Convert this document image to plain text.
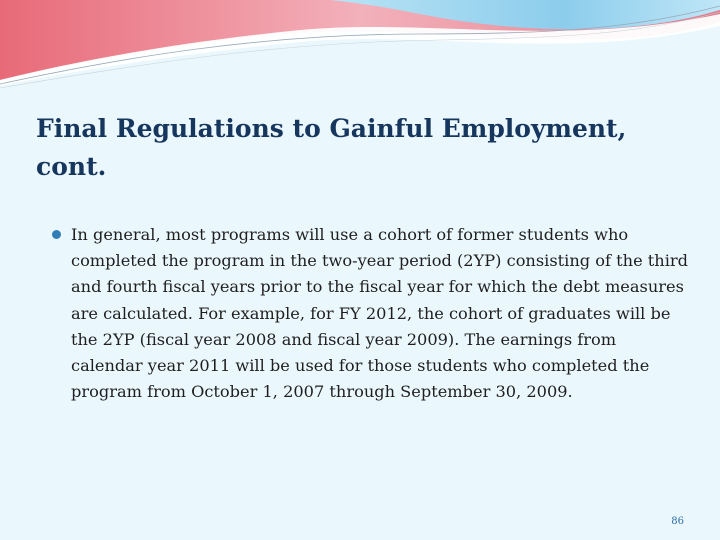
Final Regulations to Gainful Employment, cont.

In general, most programs will use a cohort of former students who completed the program in the two-year period (2YP) consisting of the third and fourth fiscal years prior to the fiscal year for which the debt measures are calculated. For example, for FY 2012, the cohort of graduates will be the 2YP (fiscal year 2008 and fiscal year 2009). The earnings from calendar year 2011 will be used for those students who completed the program from October 1, 2007 through September 30, 2009.

86
